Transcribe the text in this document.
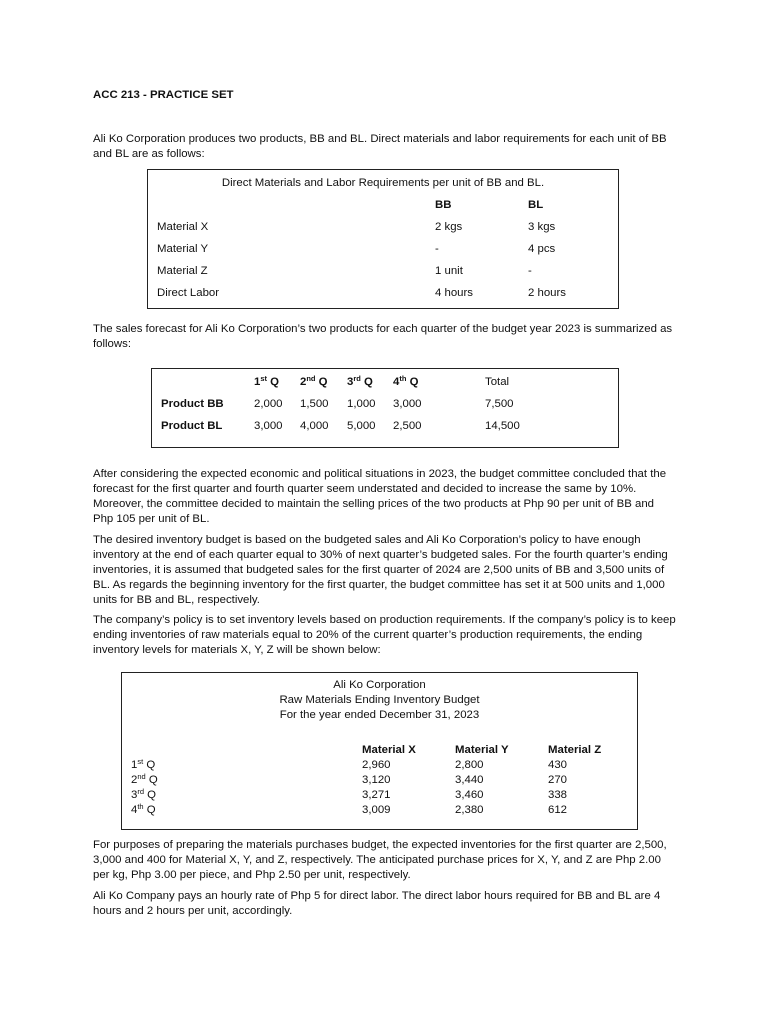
ACC 213 - PRACTICE SET
Ali Ko Corporation produces two products, BB and BL. Direct materials and labor requirements for each unit of BB and BL are as follows:
Direct Materials and Labor Requirements per unit of BB and BL.
BB	BL
Material X	2 kgs	3 kgs
Material Y	-	4 pcs
Material Z	1 unit	-
Direct Labor	4 hours	2 hours
The sales forecast for Ali Ko Corporation’s two products for each quarter of the budget year 2023 is summarized as follows:
1st Q 2nd Q 3rd Q 4th Q	Total
Product BB	2,000 1,500 1,000 3,000	7,500
Product BL	3,000 4,000 5,000 2,500	14,500
After considering the expected economic and political situations in 2023, the budget committee concluded that the forecast for the first quarter and fourth quarter seem understated and decided to increase the same by 10%. Moreover, the committee decided to maintain the selling prices of the two products at Php 90 per unit of BB and Php 105 per unit of BL.
The desired inventory budget is based on the budgeted sales and Ali Ko Corporation’s policy to have enough inventory at the end of each quarter equal to 30% of next quarter’s budgeted sales. For the fourth quarter’s ending inventories, it is assumed that budgeted sales for the first quarter of 2024 are 2,500 units of BB and 3,500 units of BL. As regards the beginning inventory for the first quarter, the budget committee has set it at 500 units and 1,000 units for BB and BL, respectively.
The company’s policy is to set inventory levels based on production requirements. If the company’s policy is to keep ending inventories of raw materials equal to 20% of the current quarter’s production requirements, the ending inventory levels for materials X, Y, Z will be shown below:
Ali Ko Corporation
Raw Materials Ending Inventory Budget
For the year ended December 31, 2023
Material X	Material Y	Material Z
1st Q	2,960	2,800	430
2nd Q	3,120	3,440	270
3rd Q	3,271	3,460	338
4th Q	3,009	2,380	612
For purposes of preparing the materials purchases budget, the expected inventories for the first quarter are 2,500, 3,000 and 400 for Material X, Y, and Z, respectively. The anticipated purchase prices for X, Y, and Z are Php 2.00 per kg, Php 3.00 per piece, and Php 2.50 per unit, respectively.
Ali Ko Company pays an hourly rate of Php 5 for direct labor. The direct labor hours required for BB and BL are 4 hours and 2 hours per unit, accordingly.
